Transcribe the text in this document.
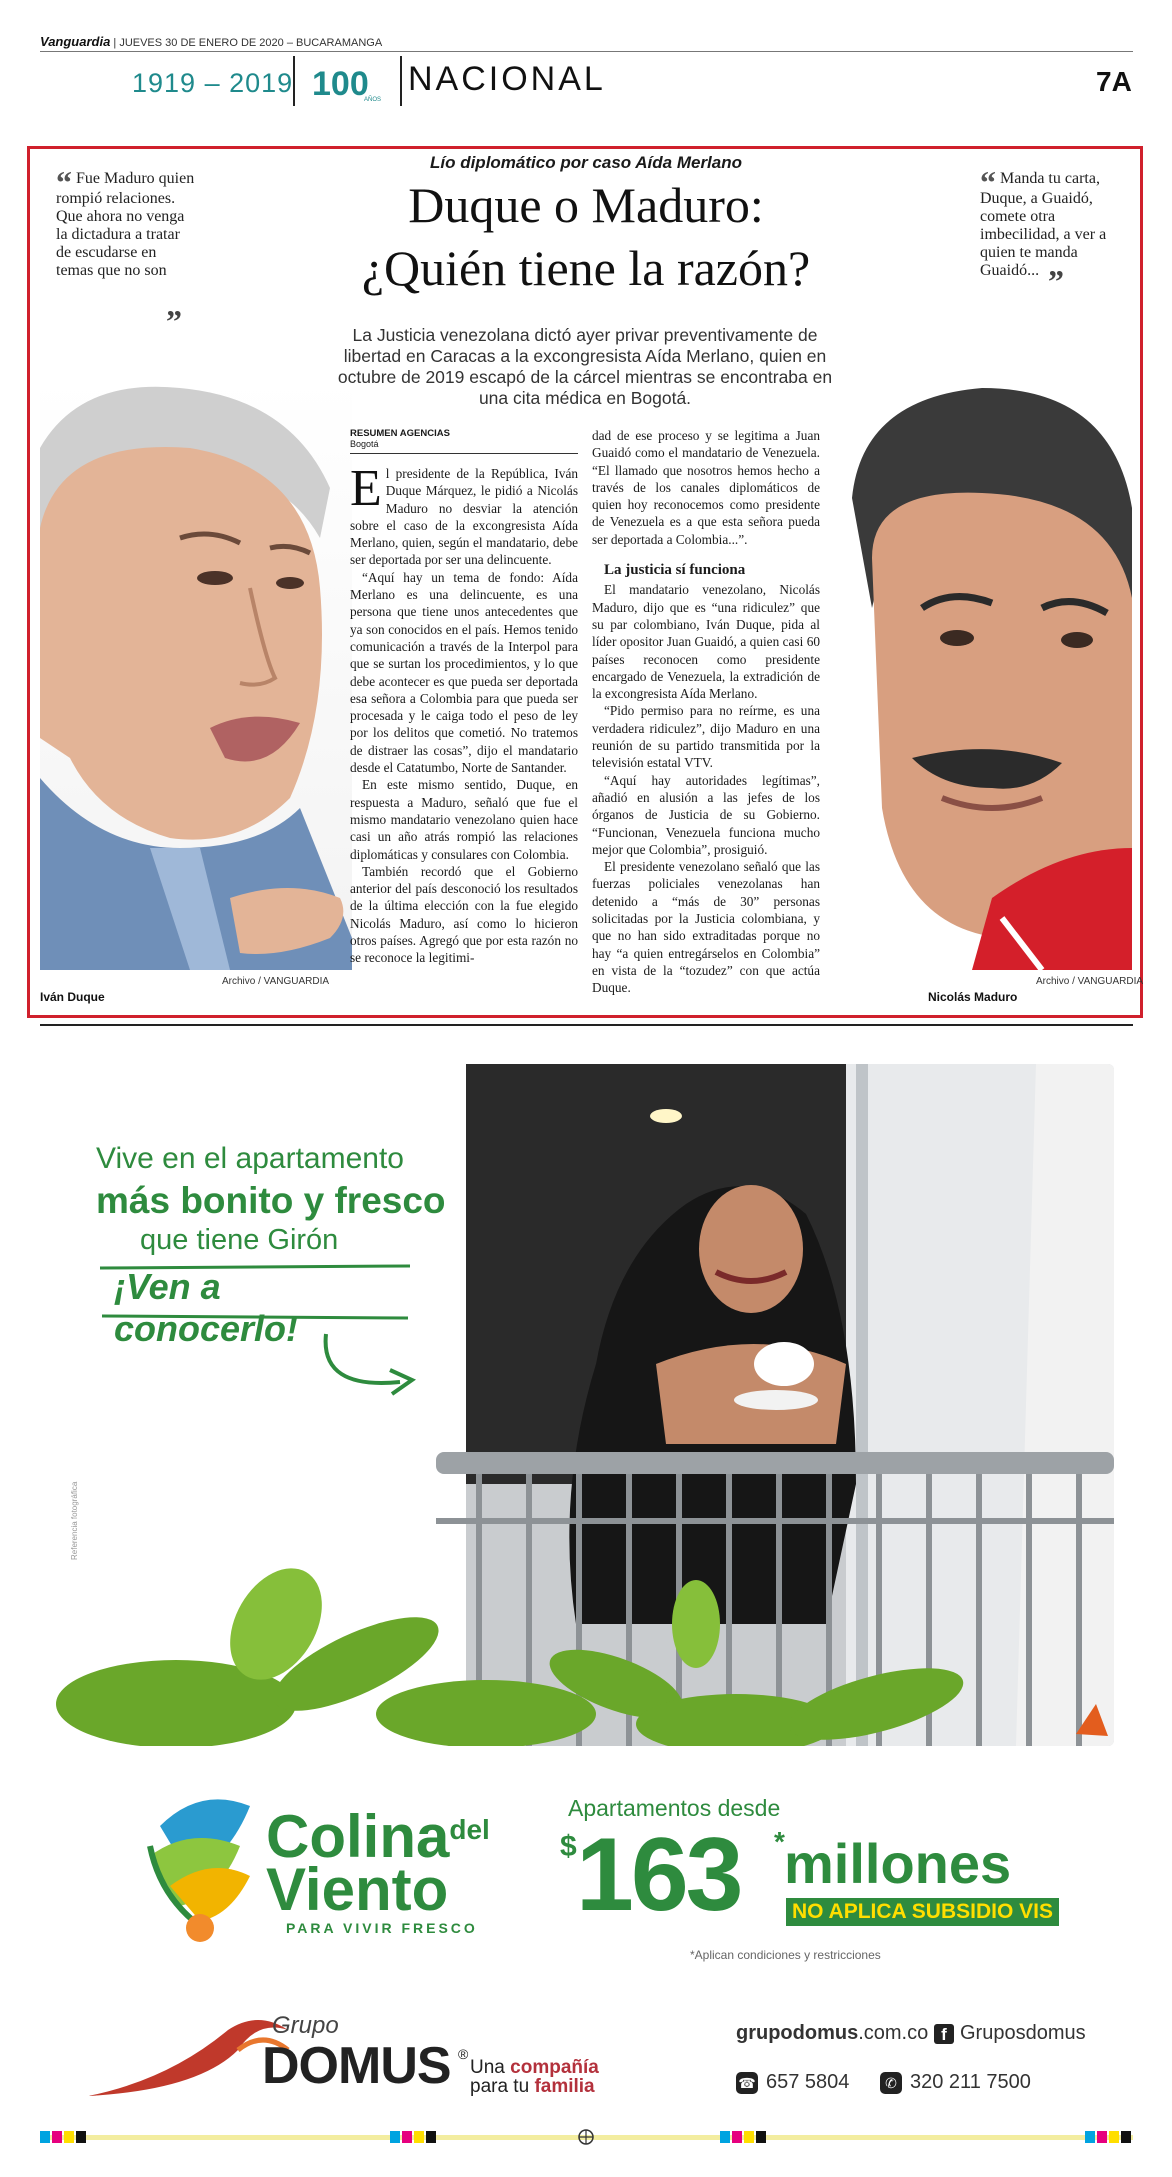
Vanguardia | JUEVES 30 DE ENERO DE 2020 – BUCARAMANGA
1919 – 2019 100
AÑOS
NACIONAL	7A
Lío diplomático por caso Aída Merlano
Duque o Maduro:
¿Quién tiene la razón?
La Justicia venezolana dictó ayer privar preventivamente de libertad en Caracas a la excongresista Aída Merlano, quien en octubre de 2019 escapó de la cárcel mientras se encontraba en una cita médica en Bogotá.
“ Fue Maduro quien rompió relaciones. Que ahora no venga la dictadura a tratar de escudarse en temas que no son
”
“ Manda tu carta, Duque, a Guaidó, comete otra imbecilidad, a ver a quien te manda Guaidó... ”
RESUMEN AGENCIAS
Bogotá

El presidente de la República, Iván Duque Márquez, le pidió a Nicolás Maduro no desviar la atención sobre el caso de la excongresista Aída Merlano, quien, según el mandatario, debe ser deportada por ser una delincuente.

“Aquí hay un tema de fondo: Aída Merlano es una delincuente, es una persona que tiene unos antecedentes que ya son conocidos en el país. Hemos tenido comunicación a través de la Interpol para que se surtan los procedimientos, y lo que debe acontecer es que pueda ser deportada esa señora a Colombia para que pueda ser procesada y le caiga todo el peso de ley por los delitos que cometió. No tratemos de distraer las cosas”, dijo el mandatario desde el Catatumbo, Norte de Santander.

En este mismo sentido, Duque, en respuesta a Maduro, señaló que fue el mismo mandatario venezolano quien hace casi un año atrás rompió las relaciones diplomáticas y consulares con Colombia.

También recordó que el Gobierno anterior del país desconoció los resultados de la última elección con la fue elegido Nicolás Maduro, así como lo hicieron otros países. Agregó que por esta razón no se reconoce la legitimi-

dad de ese proceso y se legitima a Juan Guaidó como el mandatario de Venezuela. “El llamado que nosotros hemos hecho a través de los canales diplomáticos de quien hoy reconocemos como presidente de Venezuela es a que esta señora pueda ser deportada a Colombia...”.

La justicia sí funciona

El mandatario venezolano, Nicolás Maduro, dijo que es “una ridiculez” que su par colombiano, Iván Duque, pida al líder opositor Juan Guaidó, a quien casi 60 países reconocen como presidente encargado de Venezuela, la extradición de la excongresista Aída Merlano.

“Pido permiso para no reírme, es una verdadera ridiculez”, dijo Maduro en una reunión de su partido transmitida por la televisión estatal VTV.

“Aquí hay autoridades legítimas”, añadió en alusión a las jefes de los órganos de Justicia de su Gobierno. “Funcionan, Venezuela funciona mucho mejor que Colombia”, prosiguió.

El presidente venezolano señaló que las fuerzas policiales venezolanas han detenido a “más de 30” personas solicitadas por la Justicia colombiana, y que no han sido extraditadas porque no hay “a quien entregárselos en Colombia” en vista de la “tozudez” con que actúa Duque.

Archivo / VANGUARDIA
Iván Duque
Archivo / VANGUARDIA
Nicolás Maduro
Vive en el apartamento
más bonito y fresco
que tiene Girón
¡Ven a conocerlo!
Referencia fotográfica
Colina$^{del}$
Viento
PARA VIVIR FRESCO
Apartamentos desde
$ 163 * millones
NO APLICA SUBSIDIO VIS
*Aplican condiciones y restricciones
Grupo
DOMUS ®
Una compañía
para tu familia
grupodomus.com.co f Gruposdomus
☎ 657 5804	✆ 320 211 7500
